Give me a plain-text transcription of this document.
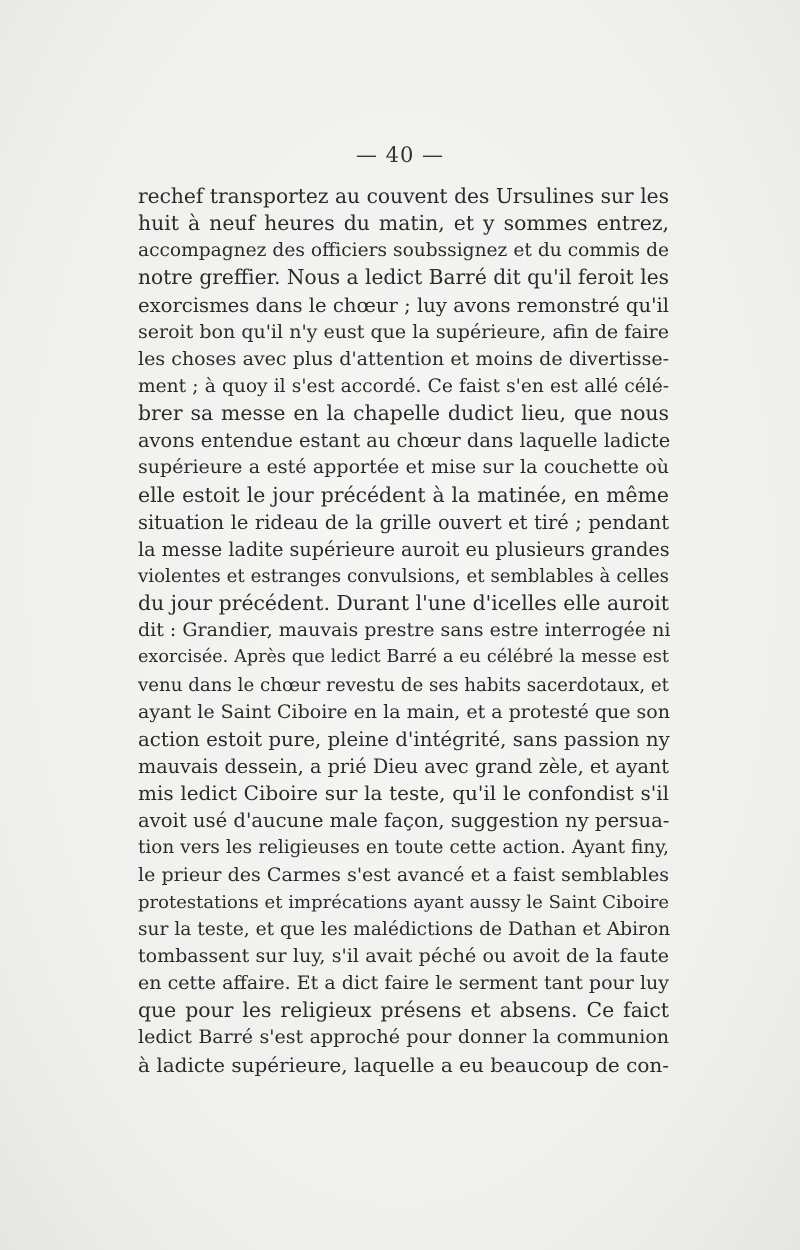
— 40 —
rechef transportez au couvent des Ursulines sur les
huit à neuf heures du matin, et y sommes entrez,
accompagnez des officiers soubssignez et du commis de
notre greffier. Nous a ledict Barré dit qu'il feroit les
exorcismes dans le chœur ; luy avons remonstré qu'il
seroit bon qu'il n'y eust que la supérieure, afin de faire
les choses avec plus d'attention et moins de divertisse-
ment ; à quoy il s'est accordé. Ce faist s'en est allé célé-
brer sa messe en la chapelle dudict lieu, que nous
avons entendue estant au chœur dans laquelle ladicte
supérieure a esté apportée et mise sur la couchette où
elle estoit le jour précédent à la matinée, en même
situation le rideau de la grille ouvert et tiré ; pendant
la messe ladite supérieure auroit eu plusieurs grandes
violentes et estranges convulsions, et semblables à celles
du jour précédent. Durant l'une d'icelles elle auroit
dit : Grandier, mauvais prestre sans estre interrogée ni
exorcisée. Après que ledict Barré a eu célébré la messe est
venu dans le chœur revestu de ses habits sacerdotaux, et
ayant le Saint Ciboire en la main, et a protesté que son
action estoit pure, pleine d'intégrité, sans passion ny
mauvais dessein, a prié Dieu avec grand zèle, et ayant
mis ledict Ciboire sur la teste, qu'il le confondist s'il
avoit usé d'aucune male façon, suggestion ny persua-
tion vers les religieuses en toute cette action. Ayant finy,
le prieur des Carmes s'est avancé et a faist semblables
protestations et imprécations ayant aussy le Saint Ciboire
sur la teste, et que les malédictions de Dathan et Abiron
tombassent sur luy, s'il avait péché ou avoit de la faute
en cette affaire. Et a dict faire le serment tant pour luy
que pour les religieux présens et absens. Ce faict
ledict Barré s'est approché pour donner la communion
à ladicte supérieure, laquelle a eu beaucoup de con-
